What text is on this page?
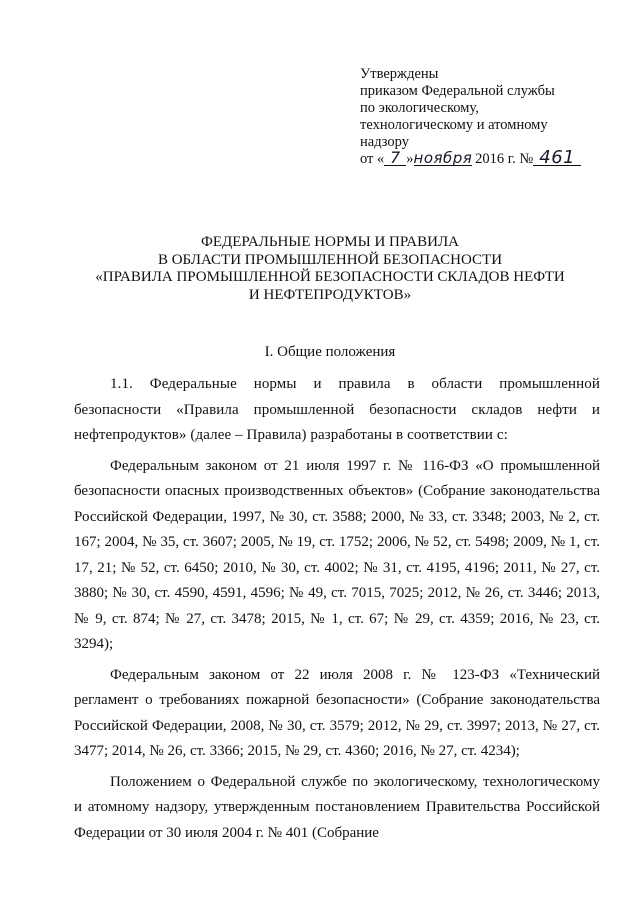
Утверждены
приказом Федеральной службы
по экологическому,
технологическому и атомному
надзору
от « 7 »ноября 2016 г. № 461
ФЕДЕРАЛЬНЫЕ НОРМЫ И ПРАВИЛА
В ОБЛАСТИ ПРОМЫШЛЕННОЙ БЕЗОПАСНОСТИ
«ПРАВИЛА ПРОМЫШЛЕННОЙ БЕЗОПАСНОСТИ СКЛАДОВ НЕФТИ
И НЕФТЕПРОДУКТОВ»
I. Общие положения

1.1. Федеральные нормы и правила в области промышленной безопасности «Правила промышленной безопасности складов нефти и нефтепродуктов» (далее – Правила) разработаны в соответствии с:

Федеральным законом от 21 июля 1997 г. № 116-ФЗ «О промышленной безопасности опасных производственных объектов» (Собрание законодательства Российской Федерации, 1997, № 30, ст. 3588; 2000, № 33, ст. 3348; 2003, № 2, ст. 167; 2004, № 35, ст. 3607; 2005, № 19, ст. 1752; 2006, № 52, ст. 5498; 2009, № 1, ст. 17, 21; № 52, ст. 6450; 2010, № 30, ст. 4002; № 31, ст. 4195, 4196; 2011, № 27, ст. 3880; № 30, ст. 4590, 4591, 4596; № 49, ст. 7015, 7025; 2012, № 26, ст. 3446; 2013, № 9, ст. 874; № 27, ст. 3478; 2015, № 1, ст. 67; № 29, ст. 4359; 2016, № 23, ст. 3294);

Федеральным законом от 22 июля 2008 г. № 123-ФЗ «Технический регламент о требованиях пожарной безопасности» (Собрание законодательства Российской Федерации, 2008, № 30, ст. 3579; 2012, № 29, ст. 3997; 2013, № 27, ст. 3477; 2014, № 26, ст. 3366; 2015, № 29, ст. 4360; 2016, № 27, ст. 4234);

Положением о Федеральной службе по экологическому, технологическому и атомному надзору, утвержденным постановлением Правительства Российской Федерации от 30 июля 2004 г. № 401 (Собрание
